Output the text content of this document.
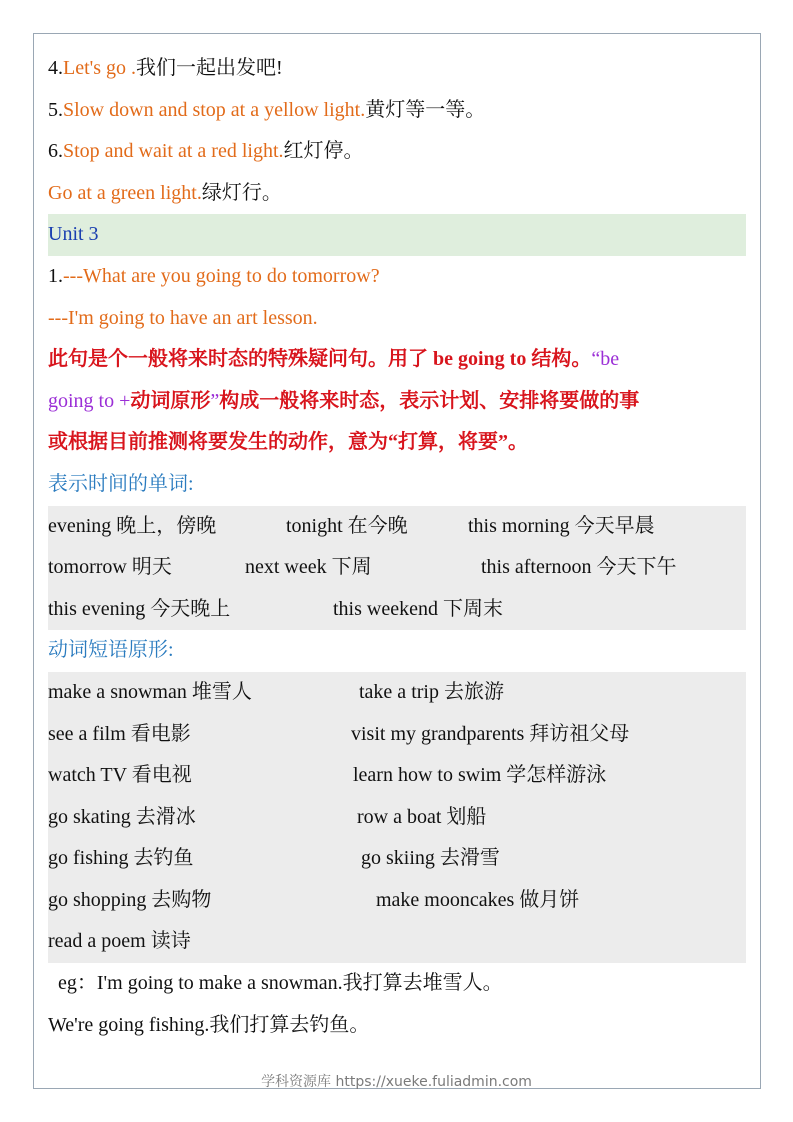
4.Let's go .我们一起出发吧!
5.Slow down and stop at a yellow light.黄灯等一等。
6.Stop and wait at a red light.红灯停。
Go at a green light.绿灯行。
Unit 3
1.---What are you going to do tomorrow?
---I'm going to have an art lesson.
此句是个一般将来时态的特殊疑问句。用了 be going to 结构。“be
going to +动词原形”构成一般将来时态，表示计划、安排将要做的事
或根据目前推测将要发生的动作，意为“打算，将要”。
表示时间的单词:
evening 晚上，傍晚	tonight 在今晚	this morning 今天早晨
tomorrow 明天	next week 下周	this afternoon 今天下午
this evening 今天晚上	this weekend 下周末
动词短语原形:
make a snowman 堆雪人	take a trip 去旅游
see a film 看电影	visit my grandparents 拜访祖父母
watch TV 看电视	learn how to swim 学怎样游泳
go skating 去滑冰	row a boat 划船
go fishing 去钓鱼	go skiing 去滑雪
go shopping 去购物	make mooncakes 做月饼
read a poem 读诗
eg：I'm going to make a snowman.我打算去堆雪人。
We're going fishing.我们打算去钓鱼。
学科资源库 https://xueke.fuliadmin.com
